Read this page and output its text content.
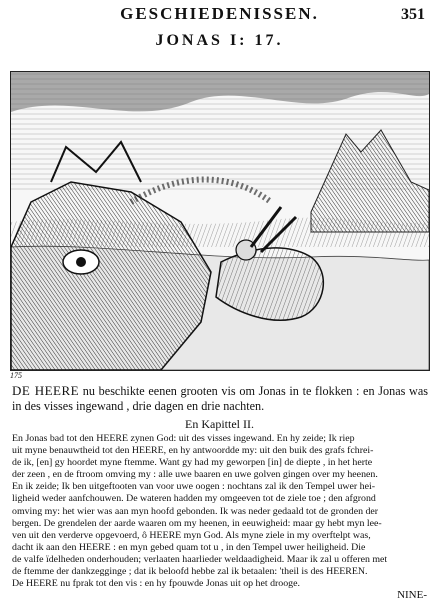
GESCHIEDENISSEN.	351
JONAS I: 17.
175
DE HEERE nu beschikte eenen grooten vis om Jonas in te flokken : en Jonas was in des visses ingewand , drie dagen en drie nachten.
En Kapittel II.
En Jonas bad tot den HEERE zynen God: uit des visses ingewand. En hy zeide; Ik riep
uit myne benauwtheid tot den HEERE, en hy antwoordde my: uit den buik des grafs fchrei-
de ik, [en] gy hoordet myne ftemme. Want gy had my geworpen [in] de diepte , in het herte
der zeen , en de ftroom omving my : alle uwe baaren en uwe golven gingen over my heenen.
En ik zeide; Ik ben uitgeftooten van voor uwe oogen : nochtans zal ik den Tempel uwer hei-
ligheid weder aanfchouwen. De wateren hadden my omgeeven tot de ziele toe ; den afgrond
omving my: het wier was aan myn hoofd gebonden. Ik was neder gedaald tot de gronden der
bergen. De grendelen der aarde waaren om my heenen, in eeuwigheid: maar gy hebt myn lee-
ven uit den verderve opgevoerd, ô HEERE myn God. Als myne ziele in my overftelpt was,
dacht ik aan den HEERE : en myn gebed quam tot u , in den Tempel uwer heiligheid. Die
de valfe ïdelheden onderhouden; verlaaten haarlieder weldaadigheid. Maar ik zal u offeren met
de ftemme der dankzegginge ; dat ik beloofd hebbe zal ik betaalen: 'theil is des HEEREN.
De HEERE nu fprak tot den vis : en hy fpouwde Jonas uit op het drooge.
NINE-
